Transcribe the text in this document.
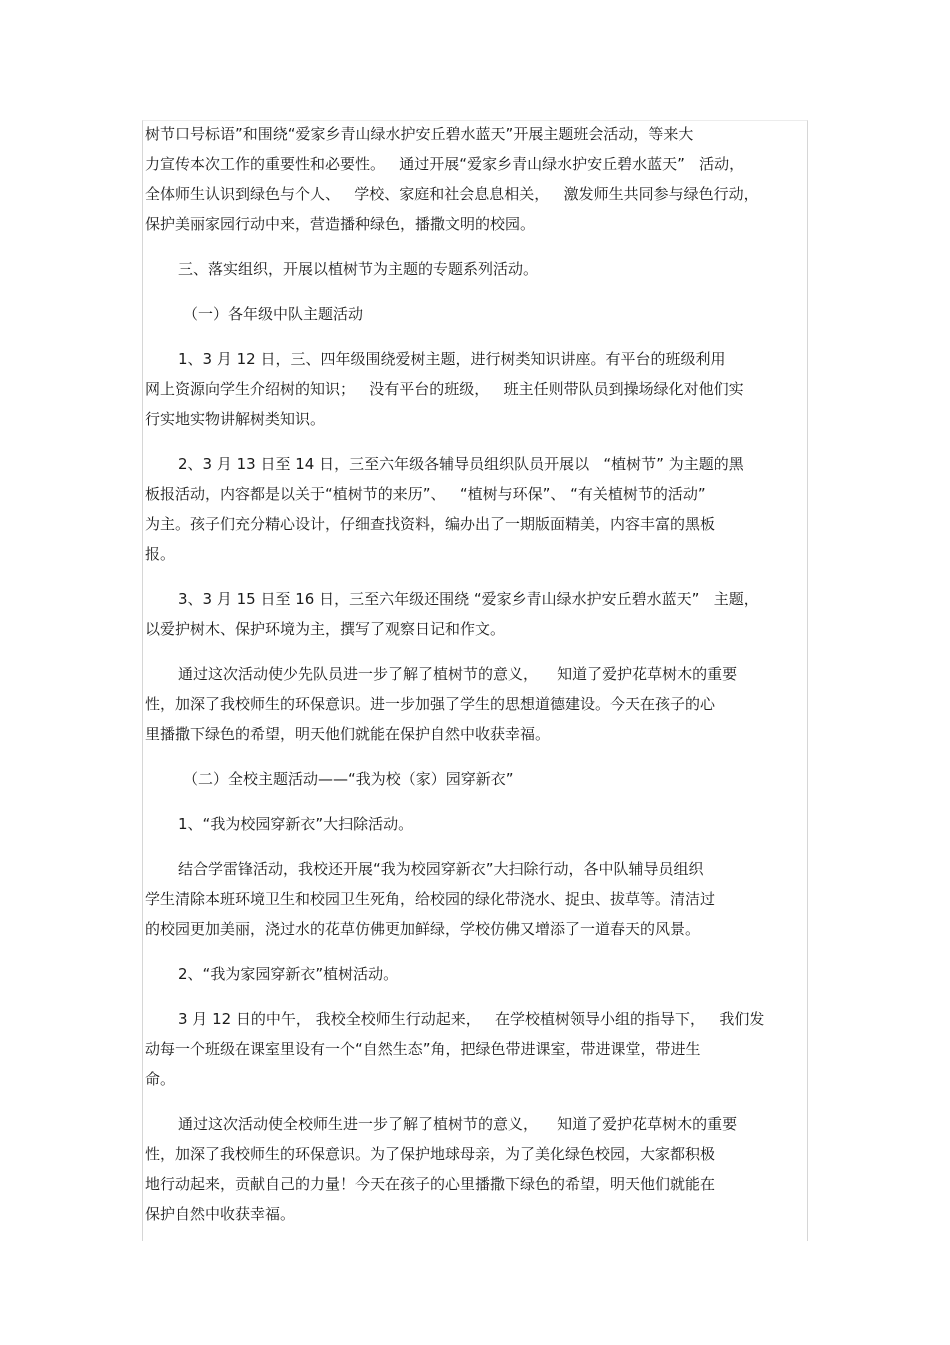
树节口号标语”和围绕“爱家乡青山绿水护安丘碧水蓝天”开展主题班会活动，等来大
力宣传本次工作的重要性和必要性。   通过开展“爱家乡青山绿水护安丘碧水蓝天”   活动，
全体师生认识到绿色与个人、   学校、家庭和社会息息相关，   激发师生共同参与绿色行动，
保护美丽家园行动中来，营造播种绿色，播撒文明的校园。

三、落实组织，开展以植树节为主题的专题系列活动。

（一）各年级中队主题活动

1、3 月 12 日，三、四年级围绕爱树主题，进行树类知识讲座。有平台的班级利用
网上资源向学生介绍树的知识；   没有平台的班级，   班主任则带队员到操场绿化对他们实
行实地实物讲解树类知识。

2、3 月 13 日至 14 日，三至六年级各辅导员组织队员开展以   “植树节” 为主题的黑
板报活动，内容都是以关于“植树节的来历”、   “植树与环保”、 “有关植树节的活动”
为主。孩子们充分精心设计，仔细查找资料，编办出了一期版面精美，内容丰富的黑板
报。

3、3 月 15 日至 16 日，三至六年级还围绕 “爱家乡青山绿水护安丘碧水蓝天”   主题，
以爱护树木、保护环境为主，撰写了观察日记和作文。

通过这次活动使少先队员进一步了解了植树节的意义，    知道了爱护花草树木的重要
性，加深了我校师生的环保意识。进一步加强了学生的思想道德建设。今天在孩子的心
里播撒下绿色的希望，明天他们就能在保护自然中收获幸福。

（二）全校主题活动——“我为校（家）园穿新衣”

1、“我为校园穿新衣”大扫除活动。

结合学雷锋活动，我校还开展“我为校园穿新衣”大扫除行动，各中队辅导员组织
学生清除本班环境卫生和校园卫生死角，给校园的绿化带浇水、捉虫、拔草等。清洁过
的校园更加美丽，浇过水的花草仿佛更加鲜绿，学校仿佛又增添了一道春天的风景。

2、“我为家园穿新衣”植树活动。

3 月 12 日的中午， 我校全校师生行动起来，   在学校植树领导小组的指导下，   我们发
动每一个班级在课室里设有一个“自然生态”角，把绿色带进课室，带进课堂，带进生
命。

通过这次活动使全校师生进一步了解了植树节的意义，    知道了爱护花草树木的重要
性，加深了我校师生的环保意识。为了保护地球母亲，为了美化绿色校园，大家都积极
地行动起来，贡献自己的力量！今天在孩子的心里播撒下绿色的希望，明天他们就能在
保护自然中收获幸福。
